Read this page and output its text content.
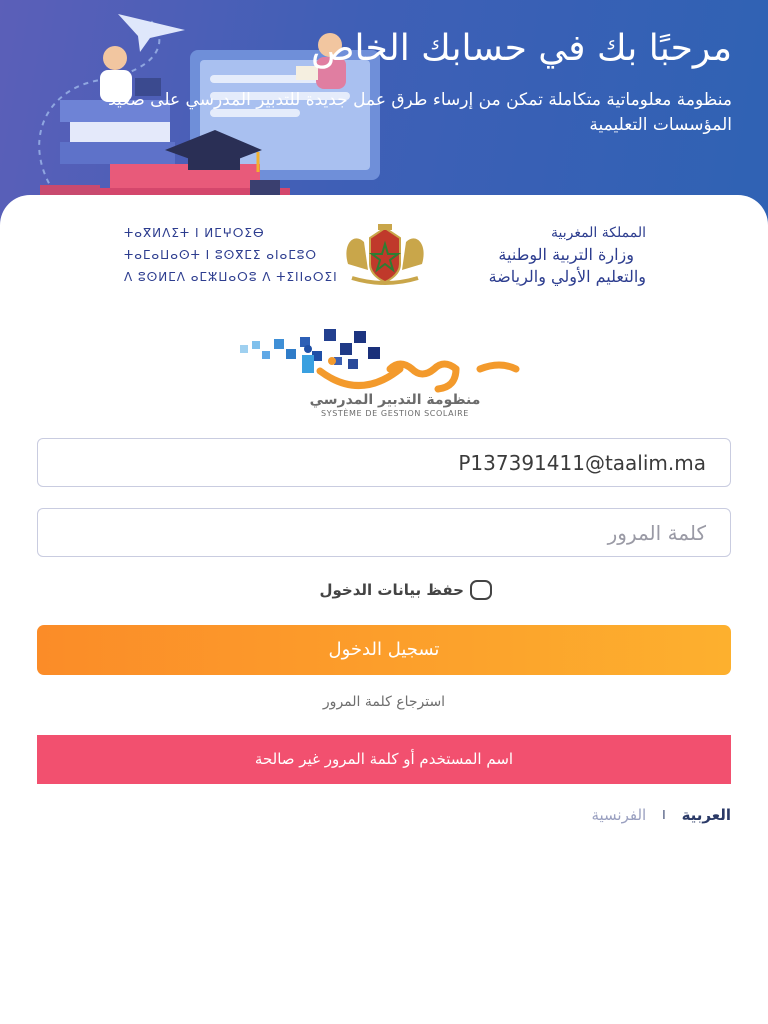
مرحبًا بك في حسابك الخاص
منظومة معلوماتية متكاملة تمكن من إرساء طرق عمل جديدة للتدبير المدرسي على صعيد المؤسسات التعليمية
المملكة المغربية
وزارة التربية الوطنية
والتعليم الأولي والرياضة
ⵜⴰⴳⵍⴷⵉⵜ ⵏ ⵍⵎⵖⵔⵉⴱ
ⵜⴰⵎⴰⵡⴰⵙⵜ ⵏ ⵓⵙⴳⵎⵉ ⴰⵏⴰⵎⵓⵔ
ⴷ ⵓⵙⵍⵎⴷ ⴰⵎⵣⵡⴰⵔⵓ ⴷ ⵜⵉⵏⵏⴰⵔⵉⵏ
منظومة التدبير المدرسي
SYSTÈME DE GESTION SCOLAIRE
P137391411@taalim.ma
كلمة المرور
حفظ بيانات الدخول
تسجيل الدخول
استرجاع كلمة المرور
اسم المستخدم أو كلمة المرور غير صالحة
العربية
ا
الفرنسية
